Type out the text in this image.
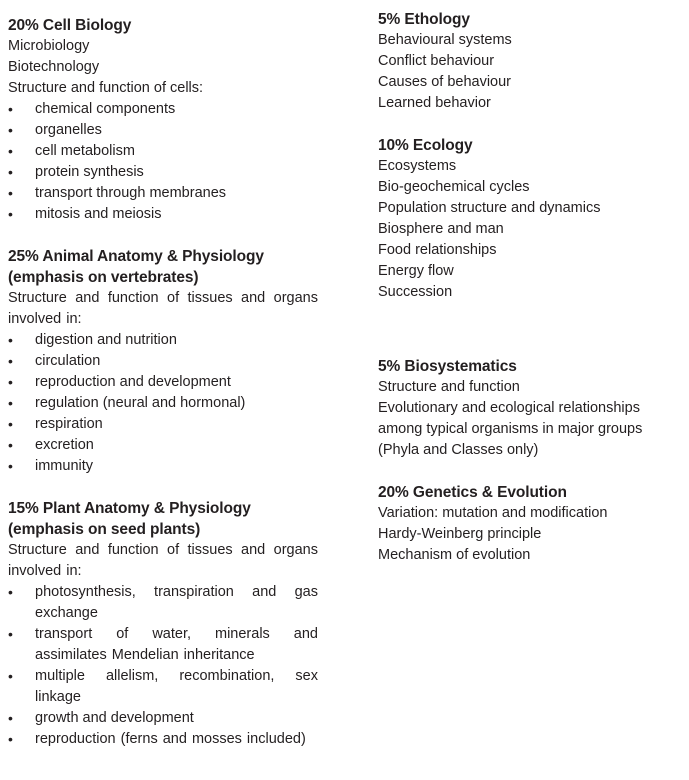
20% Cell Biology

Microbiology

Biotechnology

Structure and function of cells:

• chemical components
• organelles
• cell metabolism
• protein synthesis
• transport through membranes
• mitosis and meiosis

25% Animal Anatomy & Physiology

(emphasis on vertebrates)

Structure and function of tissues and organs involved in:

• digestion and nutrition
• circulation
• reproduction and development
• regulation (neural and hormonal)
• respiration
• excretion
• immunity

15% Plant Anatomy & Physiology

(emphasis on seed plants)

Structure and function of tissues and organs involved in:

• photosynthesis, transpiration and gas exchange
• transport of water, minerals and assimilates Mendelian inheritance
• multiple allelism, recombination, sex linkage
• growth and development
• reproduction (ferns and mosses included)

5% Ethology

Behavioural systems

Conflict behaviour

Causes of behaviour

Learned behavior

10% Ecology

Ecosystems

Bio-geochemical cycles

Population structure and dynamics

Biosphere and man

Food relationships

Energy flow

Succession

5% Biosystematics

Structure and function

Evolutionary and ecological relationships

among typical organisms in major groups

(Phyla and Classes only)

20% Genetics & Evolution

Variation: mutation and modification

Hardy-Weinberg principle

Mechanism of evolution
